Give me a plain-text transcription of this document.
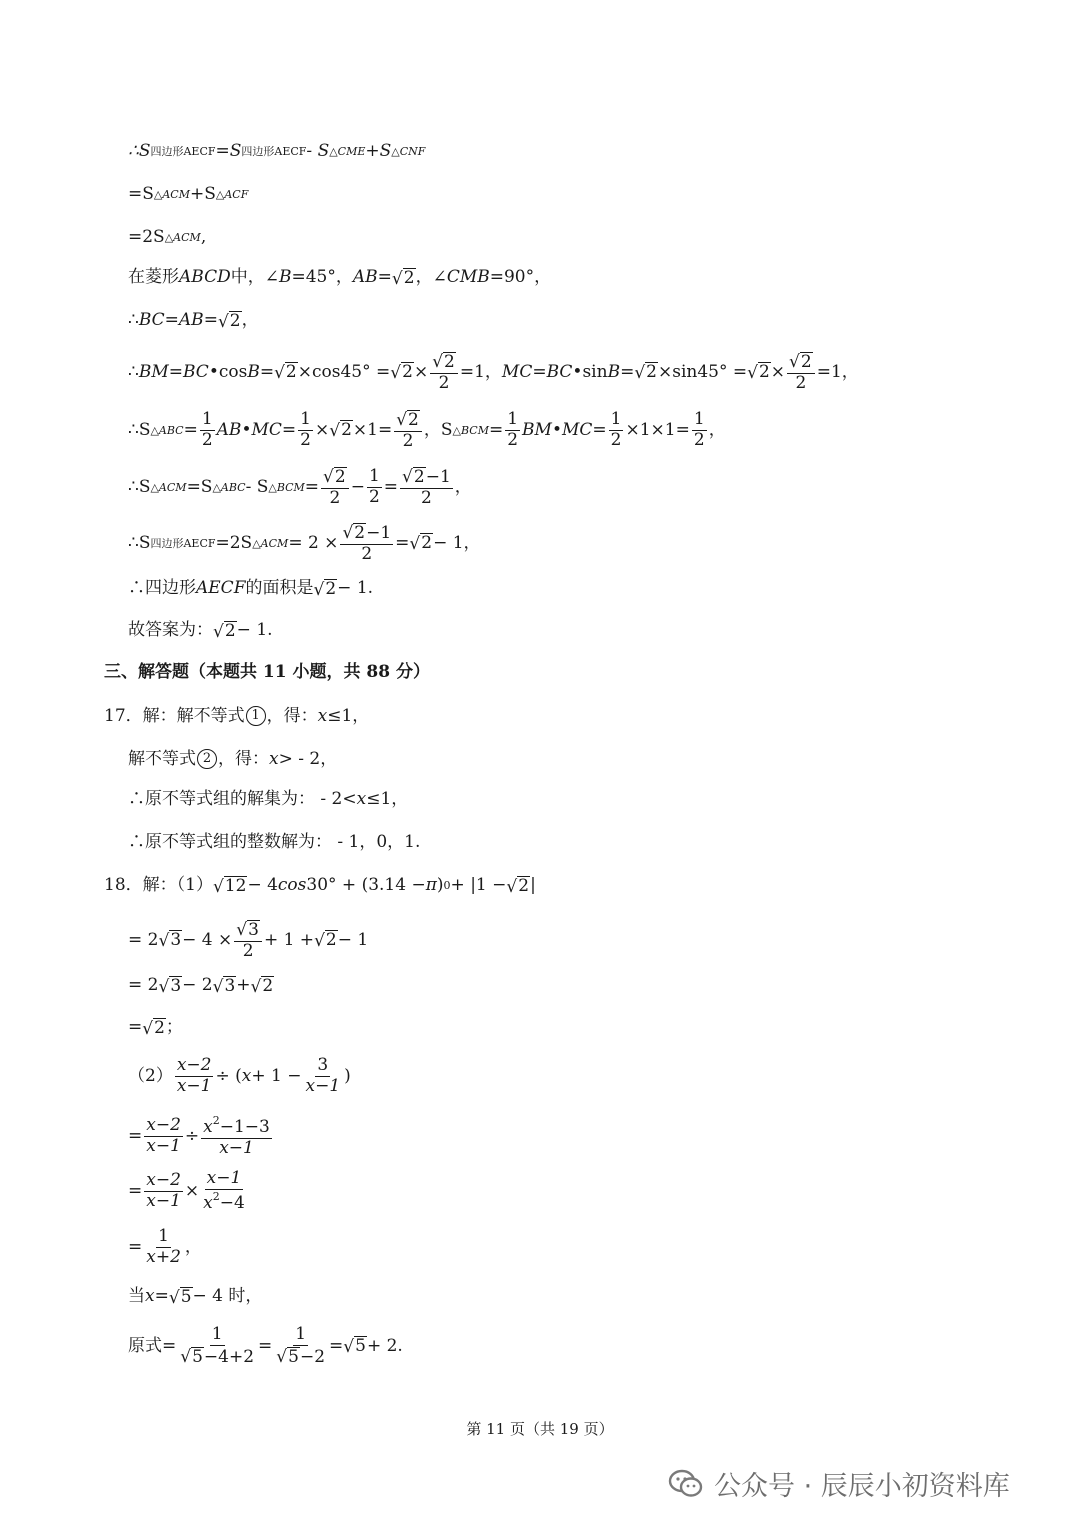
∴S 四边形AECF =S 四边形AECF - S △CME +S △CNF
=S △ACM +S △ACF
=2S △ACM ,
在菱形 ABCD 中，∠ B =45°， AB = √ 2 ，∠ CMB =90°，
∴ BC = AB = √ 2 ，
∴ BM = BC •cos B = √ 2 ×cos45° = √ $2 \times \frac{√ 2}{2} =1$， MC = BC •sin B = √ 2 ×sin45° = √ $2 \times \frac{√ 2}{2} =1$，
∴S △ABC = $\frac{1}{2}$ AB • MC = $\frac{1}{2}$ × √ $2 \times 1= \frac{√ 2}{2}$ ，S △BCM = $\frac{1}{2}$ BM • MC = $\frac{1}{2} \times 1\times 1= \frac{1}{2}$ ，
∴S △ACM =S △ABC - S △BCM = $\frac{√ 2}{2} - \frac{1}{2} = \frac{√ 2 -1}{2}$ ，
∴S 四边形AECF =2S △ACM = $2 \times \frac{√ 2 -1}{2}$ = √ 2 − 1，
∴四边形 AECF 的面积是 √ 2 − 1.
故答案为： √ 2 − 1.
三、解答题（本题共 11 小题，共 88 分）
17．解：解不等式 1 ，得： x ≤1，
解不等式 2 ，得： x > - 2，
∴原不等式组的解集为： - 2< x ≤1，
∴原不等式组的整数解为： - 1，0，1.
18．解：（1） √ 12 − 4 cos 30° + (3.14 − π ) 0 + |1 − √ 2 |
= 2 √ $3 - 4 \times \frac{√ 3}{2} + 1$ + √ 2 − 1
= 2 √ 3 − 2 √ 3 + √ 2
= √ 2 ；
$(2) \frac{x-2}{x-1}$ ÷ ( $x + 1 - \frac{3}{x-1}$ )
= $\frac{x-2}{x-1} \div \frac{x^2-1-3}{x-1}$
= $\frac{x-2}{x-1} \times \frac{x-1}{x^2-4}$
= $\frac{1}{x+2}$ ，
当 x = √ 5 − 4 时，
原式= $\frac{1}{√ 5 -4+2} = \frac{1}{√ 5 -2}$ = √ 5 + 2.
第 11 页（共 19 页）
公众号 · 辰辰小初资料库
